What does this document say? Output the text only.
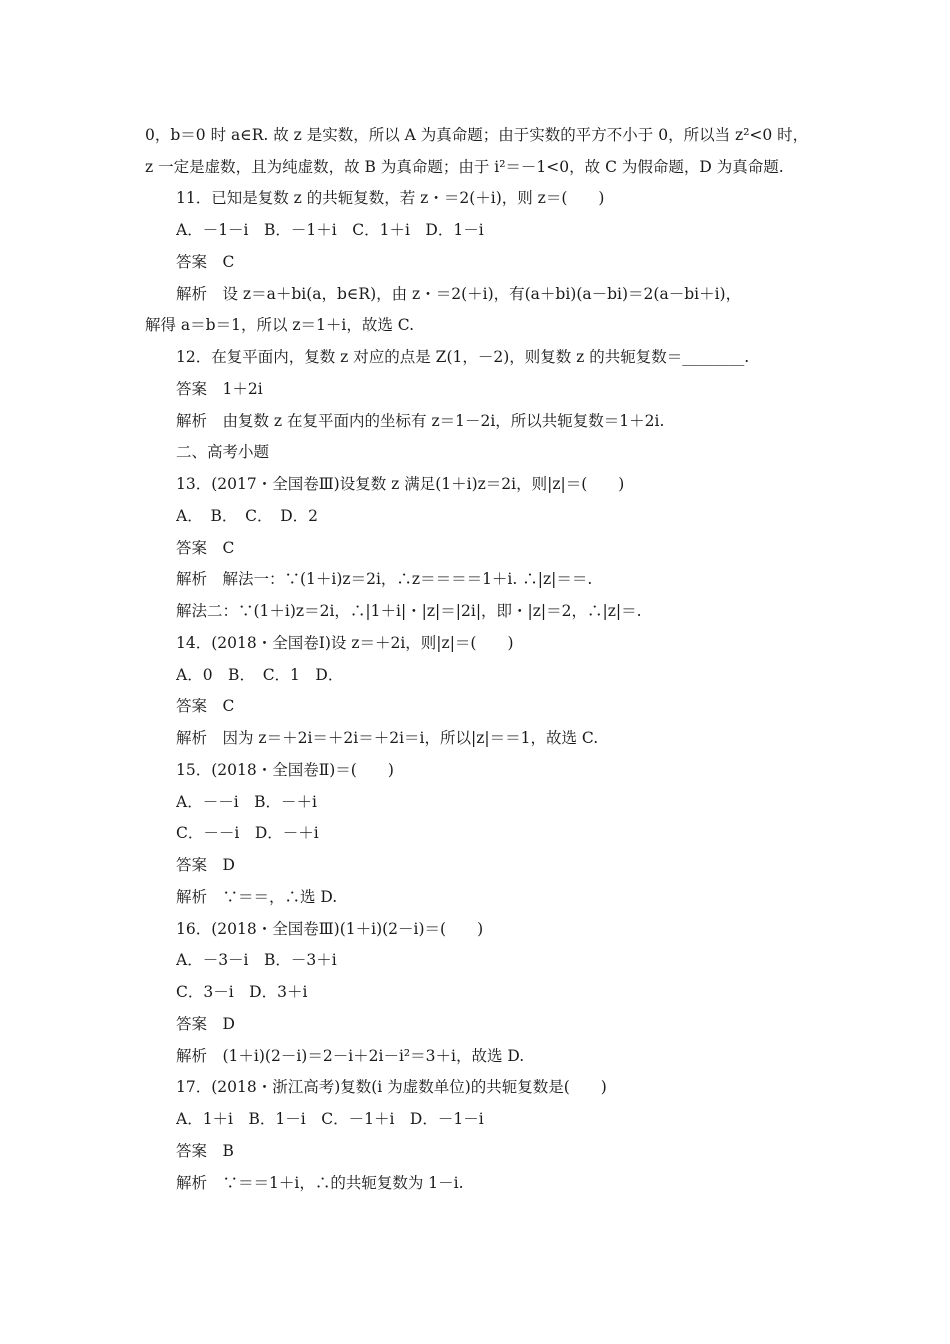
0，b＝0 时 a∈R. 故 z 是实数，所以 A 为真命题；由于实数的平方不小于 0，所以当 z²<0 时，
z 一定是虚数，且为纯虚数，故 B 为真命题；由于 i²＝－1<0，故 C 为假命题，D 为真命题.
11．已知是复数 z 的共轭复数，若 z・＝2(＋i)，则 z＝(　　)
A．－1－i　B．－1＋i　C．1＋i　D．1－i
答案　C
解析　设 z＝a＋bi(a，b∈R)，由 z・＝2(＋i)，有(a＋bi)(a－bi)＝2(a－bi＋i)，
解得 a＝b＝1，所以 z＝1＋i，故选 C.
12．在复平面内，复数 z 对应的点是 Z(1，－2)，则复数 z 的共轭复数＝________.
答案　1＋2i
解析　由复数 z 在复平面内的坐标有 z＝1－2i，所以共轭复数＝1＋2i.
二、高考小题
13．(2017・全国卷Ⅲ)设复数 z 满足(1＋i)z＝2i，则|z|＝(　　)
A．　B．　C．　D．2
答案　C
解析　解法一：∵(1＋i)z＝2i，∴z＝＝＝＝1＋i. ∴|z|＝＝.
解法二：∵(1＋i)z＝2i，∴|1＋i|・|z|＝|2i|，即・|z|＝2，∴|z|＝.
14．(2018・全国卷Ⅰ)设 z＝＋2i，则|z|＝(　　)
A．0　B．　C．1　D．
答案　C
解析　因为 z＝＋2i＝＋2i＝＋2i＝i，所以|z|＝＝1，故选 C.
15．(2018・全国卷Ⅱ)＝(　　)
A．－－i　B．－＋i
C．－－i　D．－＋i
答案　D
解析　∵＝＝，∴选 D.
16．(2018・全国卷Ⅲ)(1＋i)(2－i)＝(　　)
A．－3－i　B．－3＋i
C．3－i　D．3＋i
答案　D
解析　(1＋i)(2－i)＝2－i＋2i－i²＝3＋i，故选 D.
17．(2018・浙江高考)复数(i 为虚数单位)的共轭复数是(　　)
A．1＋i　B．1－i　C．－1＋i　D．－1－i
答案　B
解析　∵＝＝1＋i，∴的共轭复数为 1－i.
